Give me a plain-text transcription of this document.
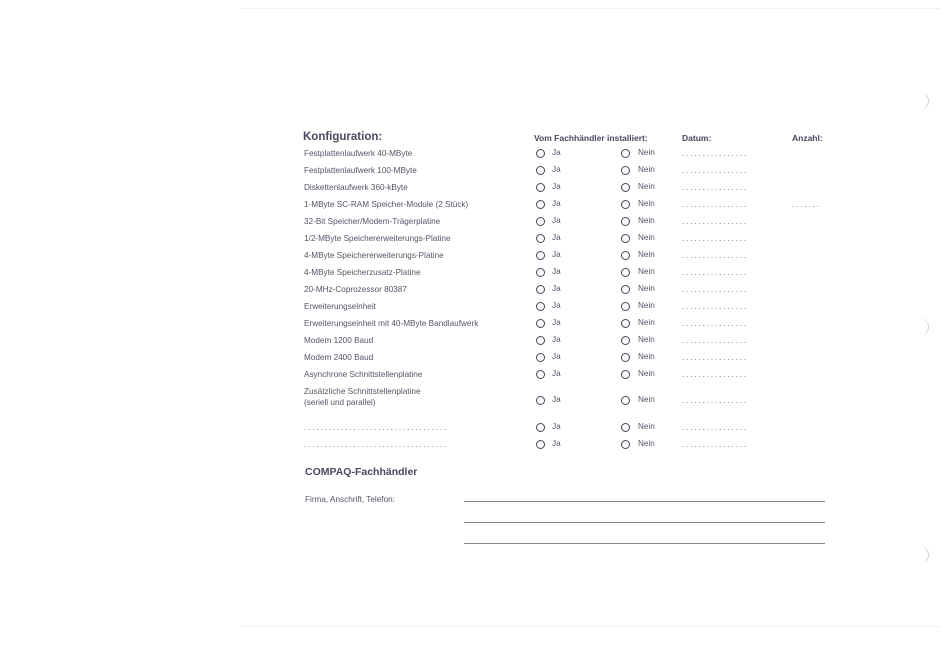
Konfiguration:	Vom Fachhändler installiert:	Datum:	Anzahl:
Festplattenlaufwerk 40-MByte	Ja	Nein	................
Festplattenlaufwerk 100-MByte	Ja	Nein	................
Diskettenlaufwerk 360-kByte	Ja	Nein	................
1-MByte SC-RAM Speicher-Module (2 Stück)	Ja	Nein	................	.......
32-Bit Speicher/Modem-Trägerplatine	Ja	Nein	................
1/2-MByte Speichererweiterungs-Platine	Ja	Nein	................
4-MByte Speichererweiterungs-Platine	Ja	Nein	................
4-MByte Speicherzusatz-Platine	Ja	Nein	................
20-MHz-Coprozessor 80387	Ja	Nein	................
Erweiterungseinheit	Ja	Nein	................
Erweiterungseinheit mit 40-MByte Bandlaufwerk	Ja	Nein	................
Modem 1200 Baud	Ja	Nein	................
Modem 2400 Baud	Ja	Nein	................
Asynchrone Schnittstellenplatine	Ja	Nein	................
Zusätzliche Schnittstellenplatine
(seriell und parallel)	Ja	Nein	................
...................................	Ja	Nein	................
...................................	Ja	Nein	................
COMPAQ-Fachhändler
Firma, Anschrift, Telefon:
